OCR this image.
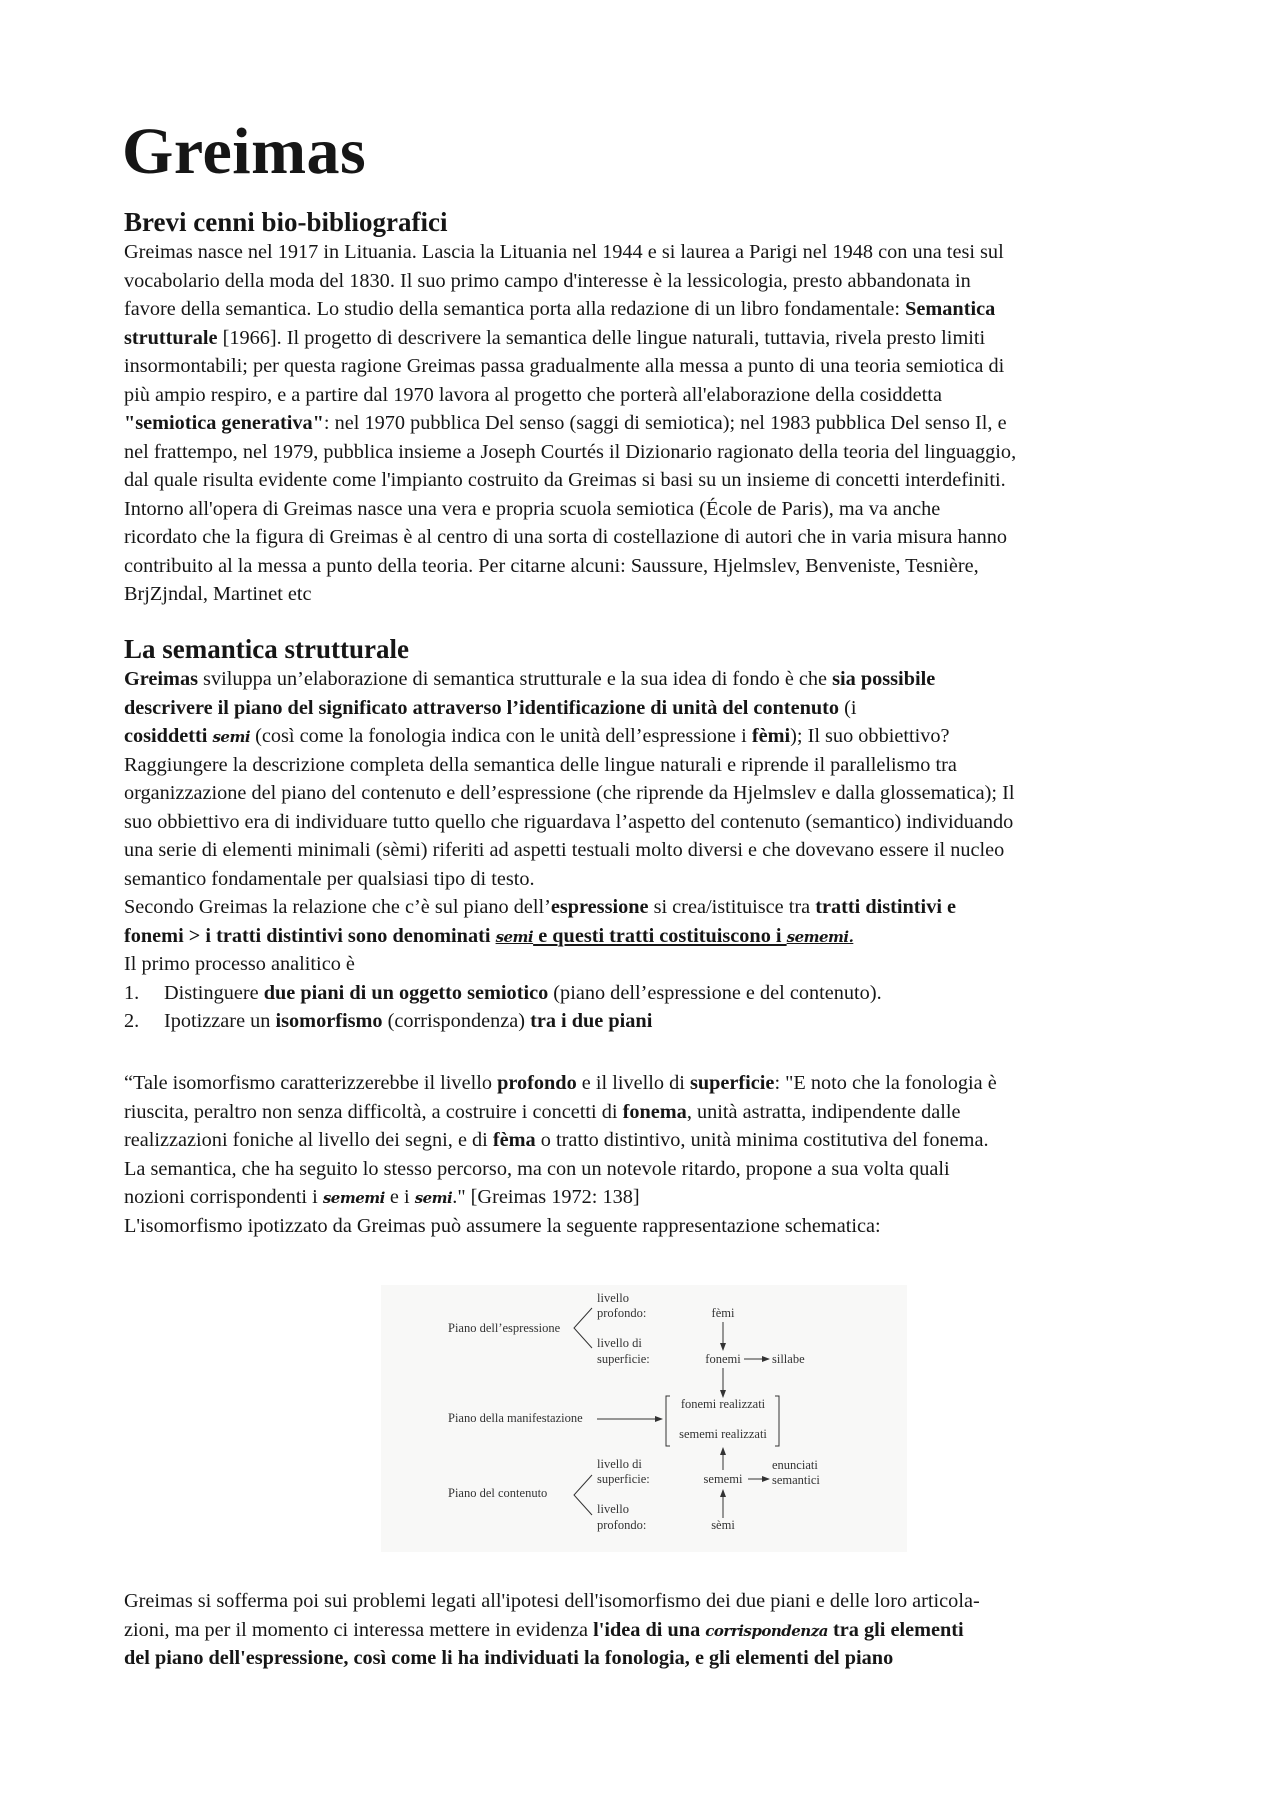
Greimas
Brevi cenni bio-bibliografici
Greimas nasce nel 1917 in Lituania. Lascia la Lituania nel 1944 e si laurea a Parigi nel 1948 con una tesi sul
vocabolario della moda del 1830. Il suo primo campo d'interesse è la lessicologia, presto abbandonata in
favore della semantica. Lo studio della semantica porta alla redazione di un libro fondamentale: Semantica
strutturale [1966]. Il progetto di descrivere la semantica delle lingue naturali, tuttavia, rivela presto limiti
insormontabili; per questa ragione Greimas passa gradualmente alla messa a punto di una teoria semiotica di
più ampio respiro, e a partire dal 1970 lavora al progetto che porterà all'elaborazione della cosiddetta
"semiotica generativa": nel 1970 pubblica Del senso (saggi di semiotica); nel 1983 pubblica Del senso Il, e
nel frattempo, nel 1979, pubblica insieme a Joseph Courtés il Dizionario ragionato della teoria del linguaggio,
dal quale risulta evidente come l'impianto costruito da Greimas si basi su un insieme di concetti interdefiniti.
Intorno all'opera di Greimas nasce una vera e propria scuola semiotica (École de Paris), ma va anche
ricordato che la figura di Greimas è al centro di una sorta di costellazione di autori che in varia misura hanno
contribuito al la messa a punto della teoria. Per citarne alcuni: Saussure, Hjelmslev, Benveniste, Tesnière,
BrjZjndal, Martinet etc
La semantica strutturale
Greimas sviluppa un’elaborazione di semantica strutturale e la sua idea di fondo è che sia possibile
descrivere il piano del significato attraverso l’identificazione di unità del contenuto (i
cosiddetti semi (così come la fonologia indica con le unità dell’espressione i fèmi); Il suo obbiettivo?
Raggiungere la descrizione completa della semantica delle lingue naturali e riprende il parallelismo tra
organizzazione del piano del contenuto e dell’espressione (che riprende da Hjelmslev e dalla glossematica); Il
suo obbiettivo era di individuare tutto quello che riguardava l’aspetto del contenuto (semantico) individuando
una serie di elementi minimali (sèmi) riferiti ad aspetti testuali molto diversi e che dovevano essere il nucleo
semantico fondamentale per qualsiasi tipo di testo.
Secondo Greimas la relazione che c’è sul piano dell’espressione si crea/istituisce tra tratti distintivi e
fonemi > i tratti distintivi sono denominati semi e questi tratti costituiscono i sememi.
Il primo processo analitico è
1. Distinguere due piani di un oggetto semiotico (piano dell’espressione e del contenuto).
2. Ipotizzare un isomorfismo (corrispondenza) tra i due piani
“Tale isomorfismo caratterizzerebbe il livello profondo e il livello di superficie: "E noto che la fonologia è
riuscita, peraltro non senza difficoltà, a costruire i concetti di fonema, unità astratta, indipendente dalle
realizzazioni foniche al livello dei segni, e di fèma o tratto distintivo, unità minima costitutiva del fonema.
La semantica, che ha seguito lo stesso percorso, ma con un notevole ritardo, propone a sua volta quali
nozioni corrispondenti i sememi e i semi." [Greimas 1972: 138]
L'isomorfismo ipotizzato da Greimas può assumere la seguente rappresentazione schematica:
Piano dell’espressione
livello
profondo:
livello di
superficie:
fèmi
fonemi	sillabe
Piano della manifestazione
fonemi realizzati
sememi realizzati
Piano del contenuto
livello di
superficie:
livello
profondo:
sememi
enunciati
semantici
sèmi
Greimas si sofferma poi sui problemi legati all'ipotesi dell'isomorfismo dei due piani e delle loro articola-
zioni, ma per il momento ci interessa mettere in evidenza l'idea di una corrispondenza tra gli elementi
del piano dell'espressione, così come li ha individuati la fonologia, e gli elementi del piano
